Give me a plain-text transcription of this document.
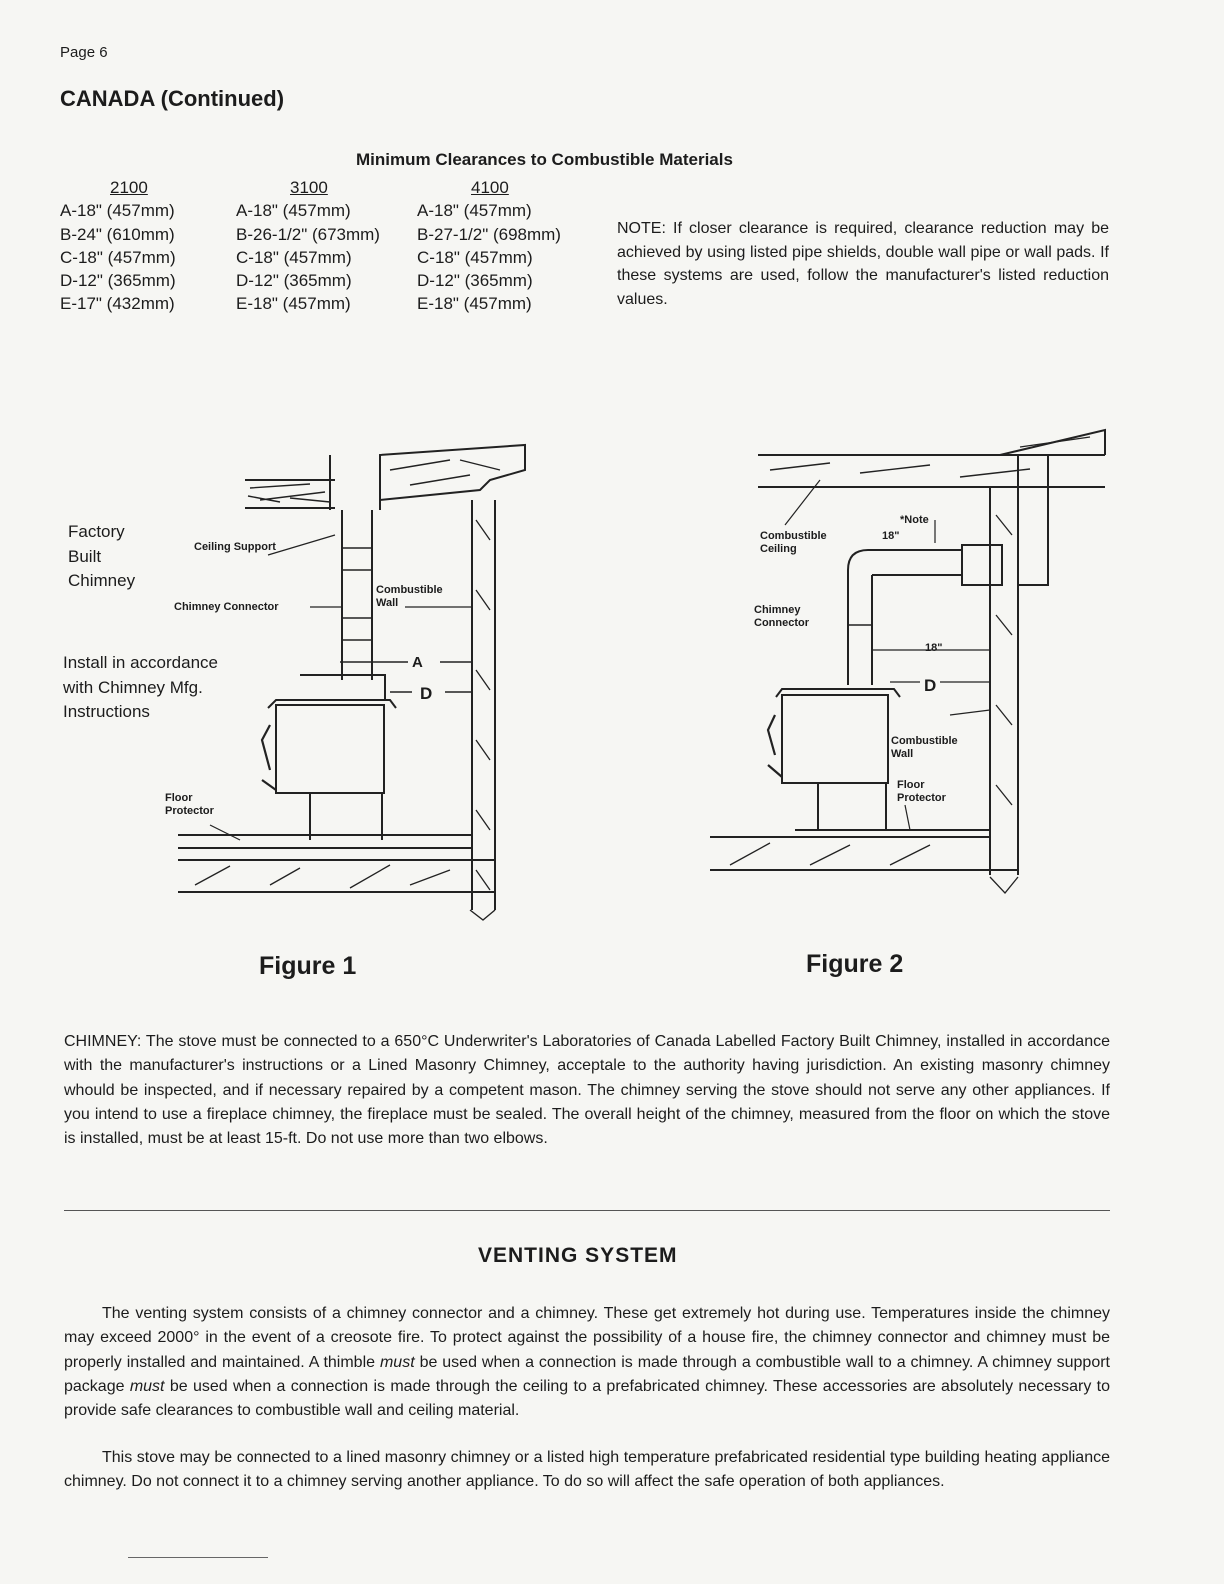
Page 6
CANADA (Continued)
Minimum Clearances to Combustible Materials
2100
A-18" (457mm)
B-24" (610mm)
C-18" (457mm)
D-12" (365mm)
E-17" (432mm)
3100
A-18" (457mm)
B-26-1/2" (673mm)
C-18" (457mm)
D-12" (365mm)
E-18" (457mm)
4100
A-18" (457mm)
B-27-1/2" (698mm)
C-18" (457mm)
D-12" (365mm)
E-18" (457mm)
NOTE: If closer clearance is required, clearance reduction may be achieved by using listed pipe shields, double wall pipe or wall pads. If these systems are used, follow the manufacturer's listed reduction values.
Factory Built Chimney
Install in accordance with Chimney Mfg. Instructions
Ceiling Support
Chimney Connector
Combustible Wall
Floor Protector
A
D
Figure 1
Combustible Ceiling
*Note
18"
Chimney Connector
18"
D
Combustible Wall
Floor Protector
Figure 2
CHIMNEY: The stove must be connected to a 650°C Underwriter's Laboratories of Canada Labelled Factory Built Chimney, installed in accordance with the manufacturer's instructions or a Lined Masonry Chimney, acceptale to the authority having jurisdiction. An existing masonry chimney whould be inspected, and if necessary repaired by a competent mason. The chimney serving the stove should not serve any other appliances. If you intend to use a fireplace chimney, the fireplace must be sealed. The overall height of the chimney, measured from the floor on which the stove is installed, must be at least 15-ft. Do not use more than two elbows.
VENTING SYSTEM
The venting system consists of a chimney connector and a chimney. These get extremely hot during use. Temperatures inside the chimney may exceed 2000° in the event of a creosote fire. To protect against the possibility of a house fire, the chimney connector and chimney must be properly installed and maintained. A thimble must be used when a connection is made through a combustible wall to a chimney. A chimney support package must be used when a connection is made through the ceiling to a prefabricated chimney. These accessories are absolutely necessary to provide safe clearances to combustible wall and ceiling material.
This stove may be connected to a lined masonry chimney or a listed high temperature prefabricated residential type building heating appliance chimney. Do not connect it to a chimney serving another appliance. To do so will affect the safe operation of both appliances.
